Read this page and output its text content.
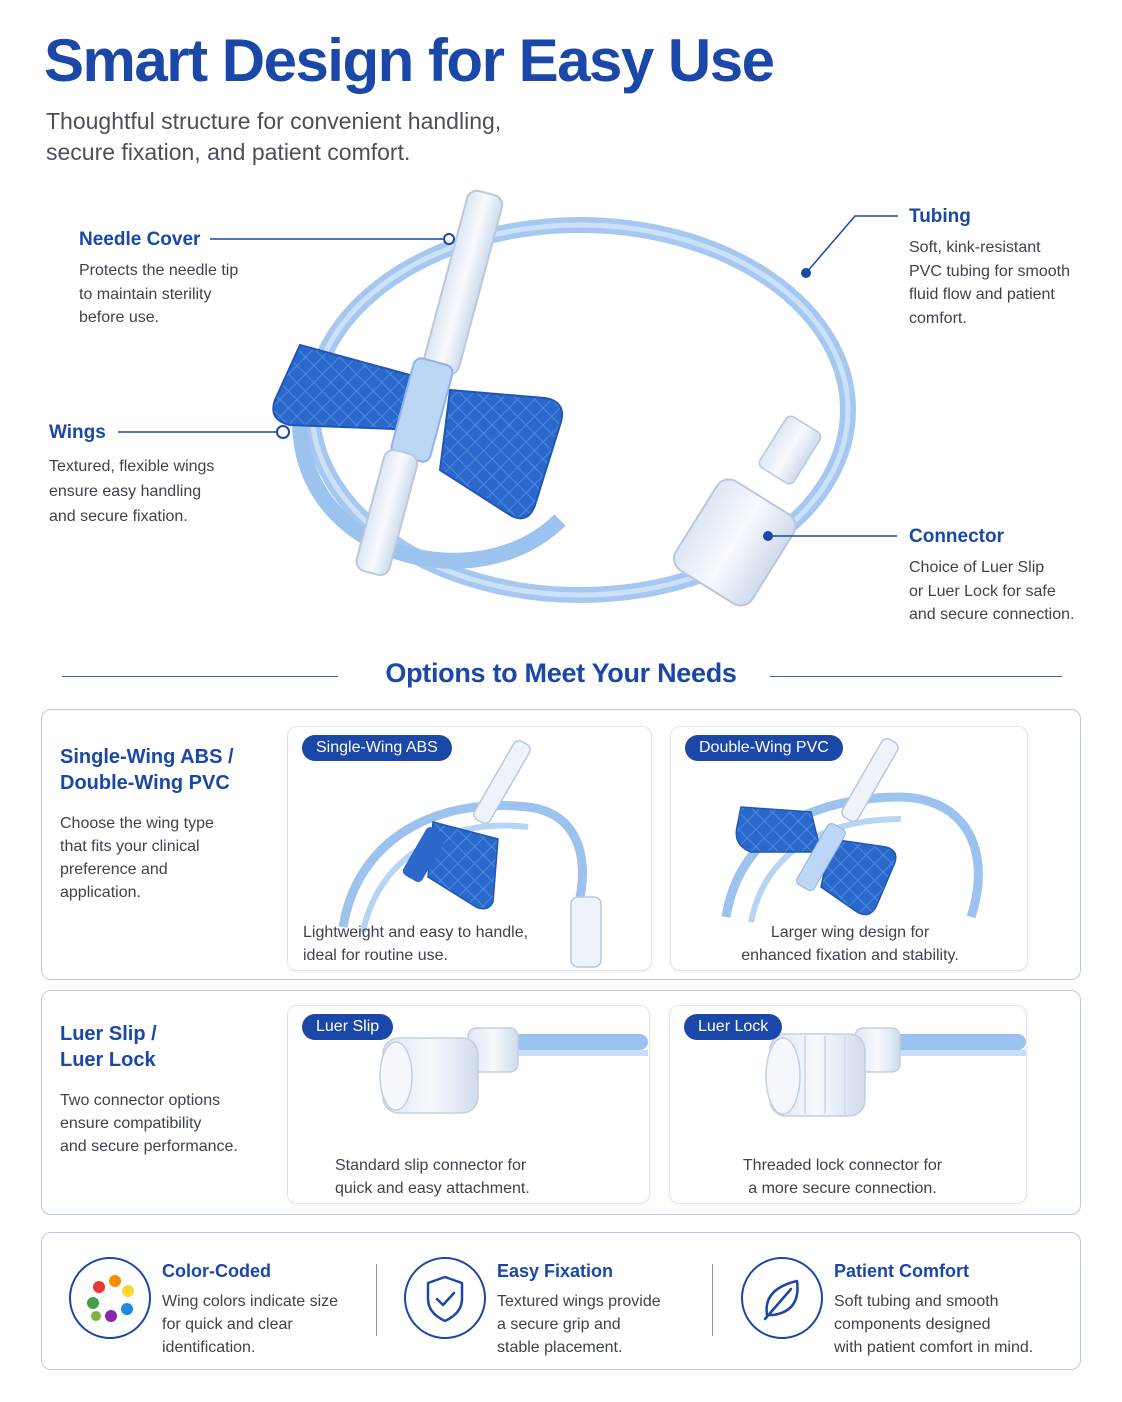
Smart Design for Easy Use
Thoughtful structure for convenient handling,
secure fixation, and patient comfort.
Needle Cover

Protects the needle tip

to maintain sterility

before use.

Wings

Textured, flexible wings

ensure easy handling

and secure fixation.

Tubing

Soft, kink-resistant

PVC tubing for smooth

fluid flow and patient

comfort.

Connector

Choice of Luer Slip

or Luer Lock for safe

and secure connection.

Options to Meet Your Needs
Single-Wing ABS /
Double-Wing PVC
Choose the wing type
that fits your clinical
preference and
application.
Single-Wing ABS
Lightweight and easy to handle,
ideal for routine use.
Double-Wing PVC
Larger wing design for
enhanced fixation and stability.
Luer Slip /
Luer Lock
Two connector options
ensure compatibility
and secure performance.
Luer Slip
Standard slip connector for
quick and easy attachment.
Luer Lock
Threaded lock connector for
a more secure connection.
Color-Coded
Wing colors indicate size
for quick and clear
identification.
Easy Fixation
Textured wings provide
a secure grip and
stable placement.
Patient Comfort
Soft tubing and smooth
components designed
with patient comfort in mind.
